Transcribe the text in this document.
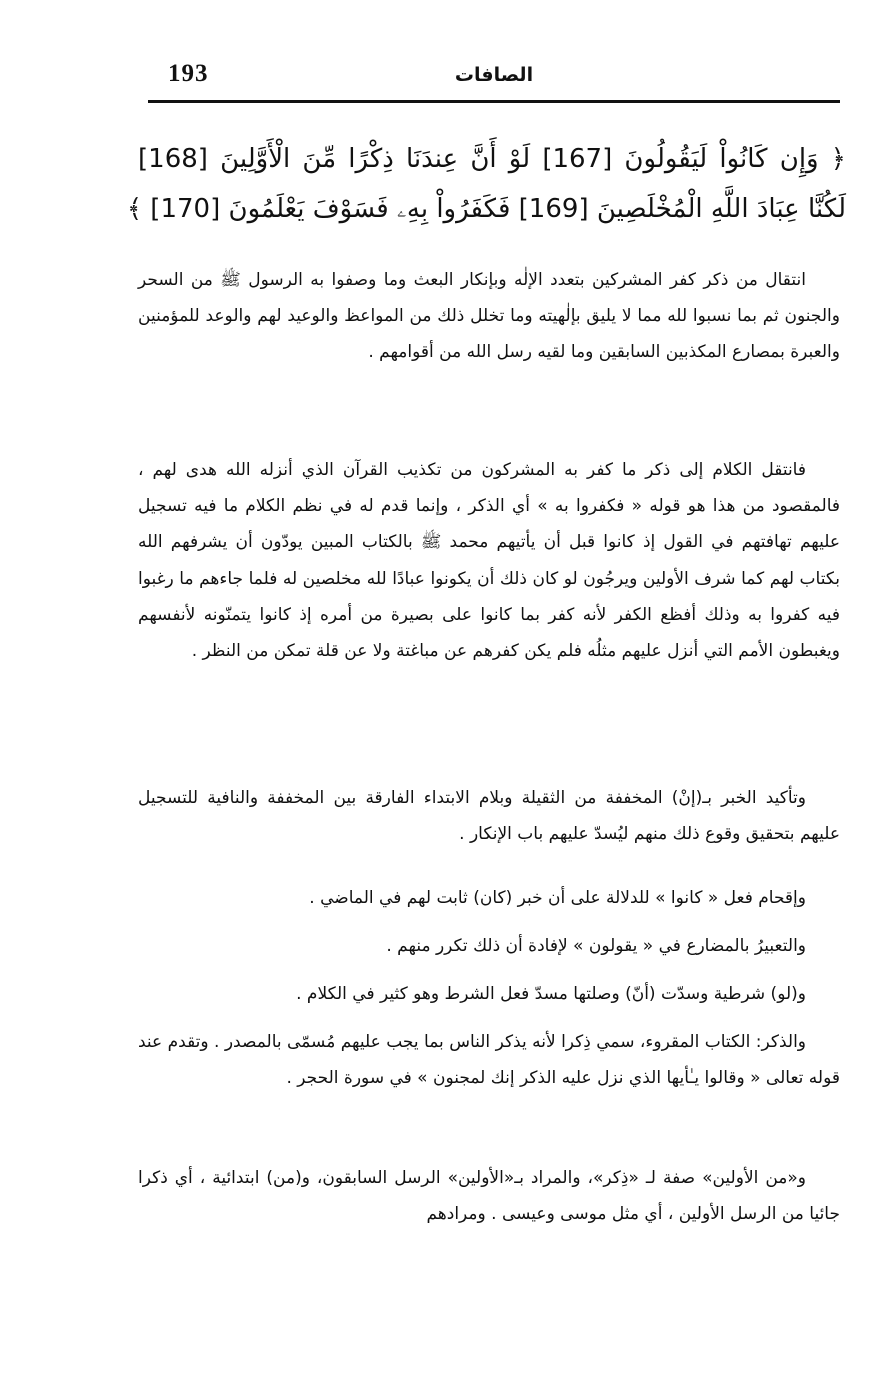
193	الصافات
﴿ وَإِن كَانُواْ لَيَقُولُونَ [167] لَوْ أَنَّ عِندَنَا ذِكْرًا مِّنَ الْأَوَّلِينَ [168]
لَكُنَّا عِبَادَ اللَّهِ الْمُخْلَصِينَ [169] فَكَفَرُواْ بِهِۦ فَسَوْفَ يَعْلَمُونَ [170] ﴾

انتقال من ذكر كفر المشركين بتعدد الإلٰه وبإنكار البعث وما وصفوا به الرسول ﷺ من السحر والجنون ثم بما نسبوا لله مما لا يليق بإلٰهيته وما تخلل ذلك من المواعظ والوعيد لهم والوعد للمؤمنين والعبرة بمصارع المكذبين السابقين وما لقيه رسل الله من أقوامهم .

فانتقل الكلام إلى ذكر ما كفر به المشركون من تكذيب القرآن الذي أنزله الله هدى لهم ، فالمقصود من هذا هو قوله « فكفروا به » أي الذكر ، وإنما قدم له في نظم الكلام ما فيه تسجيل عليهم تهافتهم في القول إذ كانوا قبل أن يأتيهم محمد ﷺ بالكتاب المبين يودّون أن يشرفهم الله بكتاب لهم كما شرف الأولين ويرجُون لو كان ذلك أن يكونوا عبادًا لله مخلصين له فلما جاءهم ما رغبوا فيه كفروا به وذلك أفظع الكفر لأنه كفر بما كانوا على بصيرة من أمره إذ كانوا يتمنّونه لأنفسهم ويغبطون الأمم التي أنزل عليهم مثلُه فلم يكن كفرهم عن مباغتة ولا عن قلة تمكن من النظر .

وتأكيد الخبر بـ(إنْ) المخففة من الثقيلة وبلام الابتداء الفارقة بين المخففة والنافية للتسجيل عليهم بتحقيق وقوع ذلك منهم ليُسدّ عليهم باب الإنكار .

وإقحام فعل « كانوا » للدلالة على أن خبر (كان) ثابت لهم في الماضي .

والتعبيرُ بالمضارع في « يقولون » لإفادة أن ذلك تكرر منهم .

و(لو) شرطية وسدّت (أنّ) وصلتها مسدّ فعل الشرط وهو كثير في الكلام .

والذكر: الكتاب المقروء، سمي ذِكرا لأنه يذكر الناس بما يجب عليهم مُسمّى بالمصدر . وتقدم عند قوله تعالى « وقالوا يـٰأيها الذي نزل عليه الذكر إنك لمجنون » في سورة الحجر .

و«من الأولين» صفة لـ «ذِكر»، والمراد بـ«الأولين» الرسل السابقون، و(من) ابتدائية ، أي ذكرا جائيا من الرسل الأولين ، أي مثل موسى وعيسى . ومرادهم
